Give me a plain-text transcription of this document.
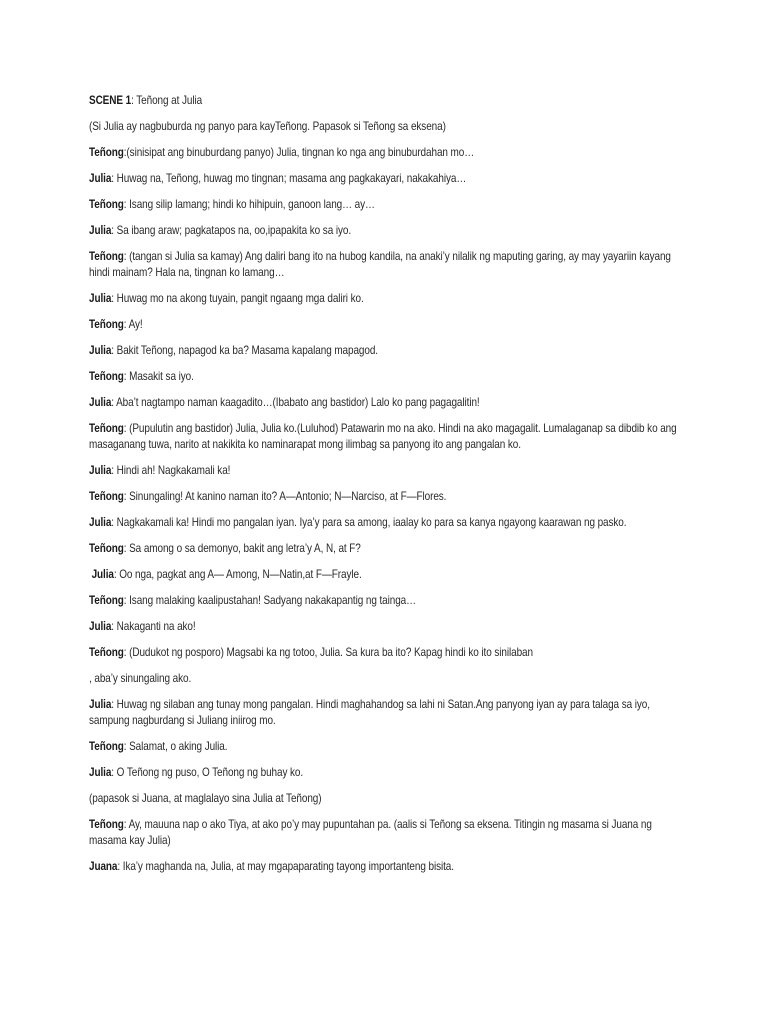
SCENE 1: Teñong at Julia
(Si Julia ay nagbuburda ng panyo para kayTeñong. Papasok si Teñong sa eksena)
Teñong:(sinisipat ang binuburdang panyo) Julia, tingnan ko nga ang binuburdahan mo…
Julia: Huwag na, Teñong, huwag mo tingnan; masama ang pagkakayari, nakakahiya…
Teñong: Isang silip lamang; hindi ko hihipuin, ganoon lang… ay…
Julia: Sa ibang araw; pagkatapos na, oo,ipapakita ko sa iyo.
Teñong: (tangan si Julia sa kamay) Ang daliri bang ito na hubog kandila, na anaki’y nilalik ng maputing garing, ay may yayariin kayang hindi mainam? Hala na, tingnan ko lamang…
Julia: Huwag mo na akong tuyain, pangit ngaang mga daliri ko.
Teñong: Ay!
Julia: Bakit Teñong, napagod ka ba? Masama kapalang mapagod.
Teñong: Masakit sa iyo.
Julia: Aba’t nagtampo naman kaagadito…(Ibabato ang bastidor) Lalo ko pang pagagalitin!
Teñong: (Pupulutin ang bastidor) Julia, Julia ko.(Luluhod) Patawarin mo na ako. Hindi na ako magagalit. Lumalaganap sa dibdib ko ang masaganang tuwa, narito at nakikita ko naminarapat mong ilimbag sa panyong ito ang pangalan ko.
Julia: Hindi ah! Nagkakamali ka!
Teñong: Sinungaling! At kanino naman ito? A—Antonio; N—Narciso, at F—Flores.
Julia: Nagkakamali ka! Hindi mo pangalan iyan. Iya’y para sa among, iaalay ko para sa kanya ngayong kaarawan ng pasko.
Teñong: Sa among o sa demonyo, bakit ang letra’y A, N, at F?
Julia: Oo nga, pagkat ang A— Among, N—Natin,at F—Frayle.
Teñong: Isang malaking kaalipustahan! Sadyang nakakapantig ng tainga…
Julia: Nakaganti na ako!
Teñong: (Dudukot ng posporo) Magsabi ka ng totoo, Julia. Sa kura ba ito? Kapag hindi ko ito sinilaban
, aba’y sinungaling ako.
Julia: Huwag ng silaban ang tunay mong pangalan. Hindi maghahandog sa lahi ni Satan.Ang panyong iyan ay para talaga sa iyo, sampung nagburdang si Juliang iniirog mo.
Teñong: Salamat, o aking Julia.
Julia: O Teñong ng puso, O Teñong ng buhay ko.
(papasok si Juana, at maglalayo sina Julia at Teñong)
Teñong: Ay, mauuna nap o ako Tiya, at ako po’y may pupuntahan pa. (aalis si Teñong sa eksena. Titingin ng masama si Juana ng masama kay Julia)
Juana: Ika’y maghanda na, Julia, at may mgapaparating tayong importanteng bisita.
